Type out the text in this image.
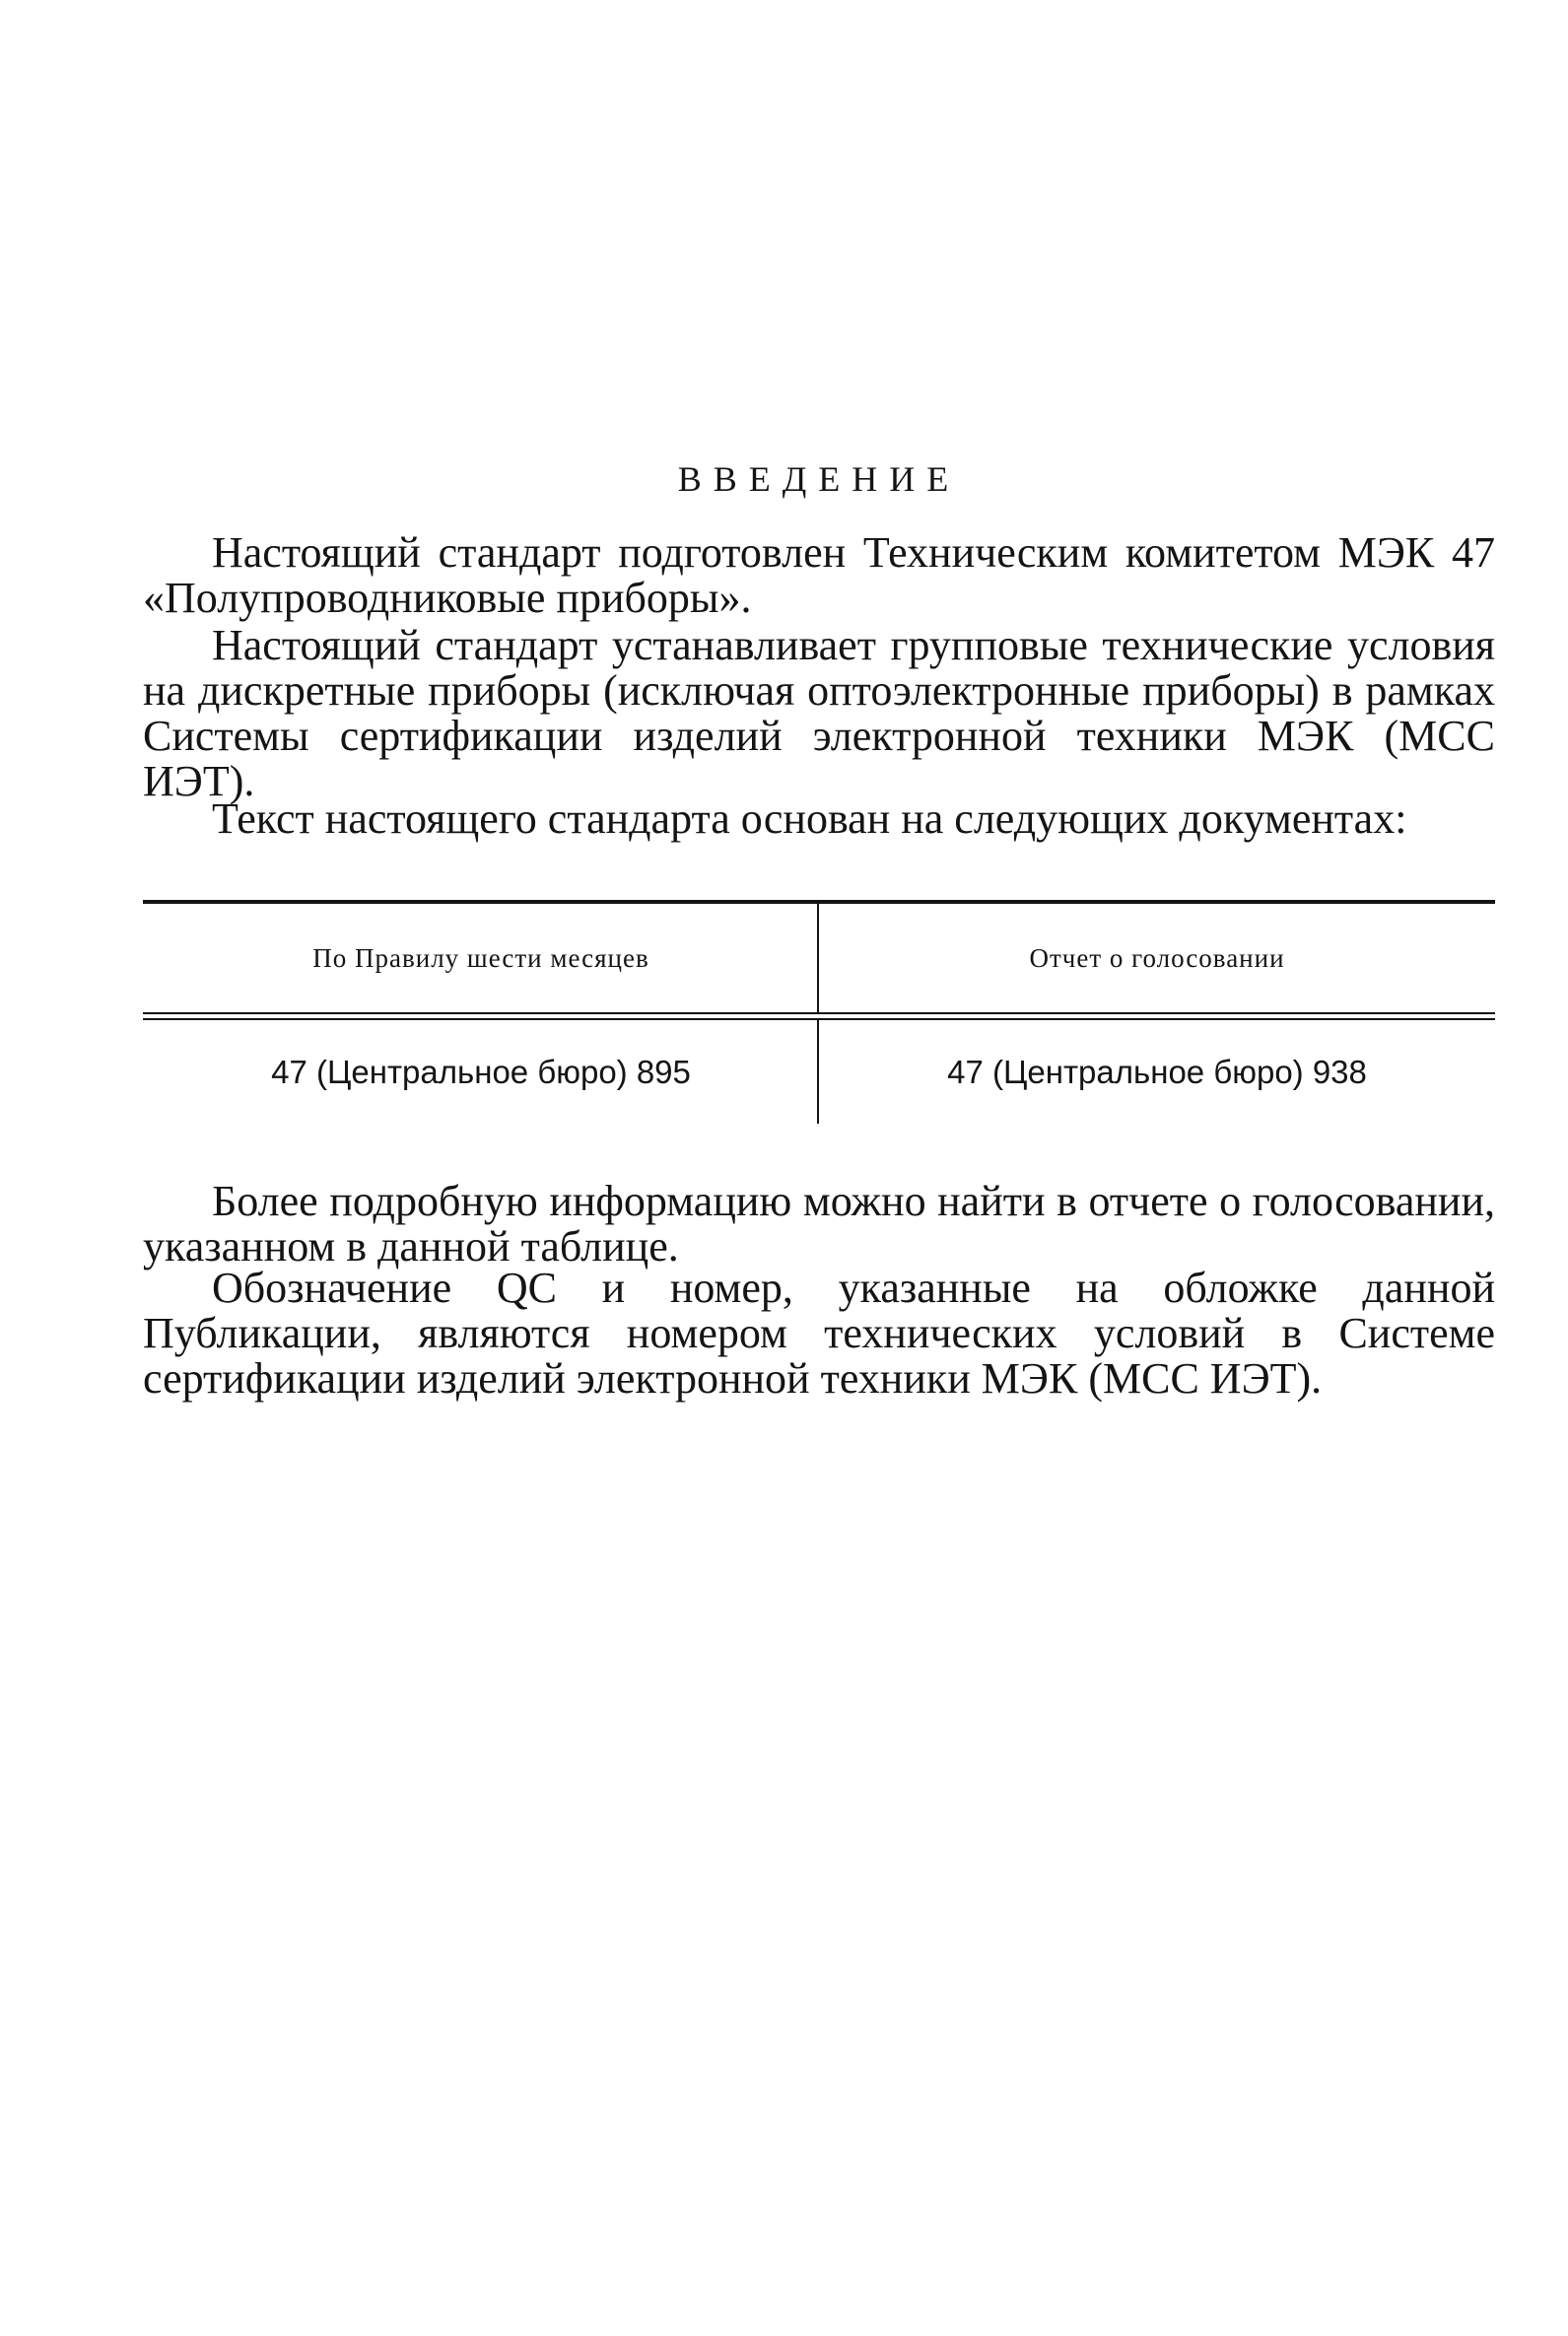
ВВЕДЕНИЕ

Настоящий стандарт подготовлен Техническим комитетом МЭК 47 «Полупроводниковые приборы».

Настоящий стандарт устанавливает групповые технические условия на дискретные приборы (исключая оптоэлектронные приборы) в рамках Системы сертификации изделий электронной техники МЭК (МСС ИЭТ).

Текст настоящего стандарта основан на следующих документах:

По Правилу шести месяцев	Отчет о голосовании
47 (Центральное бюро) 895	47 (Центральное бюро) 938

Более подробную информацию можно найти в отчете о голосовании, указанном в данной таблице.

Обозначение QC и номер, указанные на обложке данной Публикации, являются номером технических условий в Системе сертификации изделий электронной техники МЭК (МСС ИЭТ).
